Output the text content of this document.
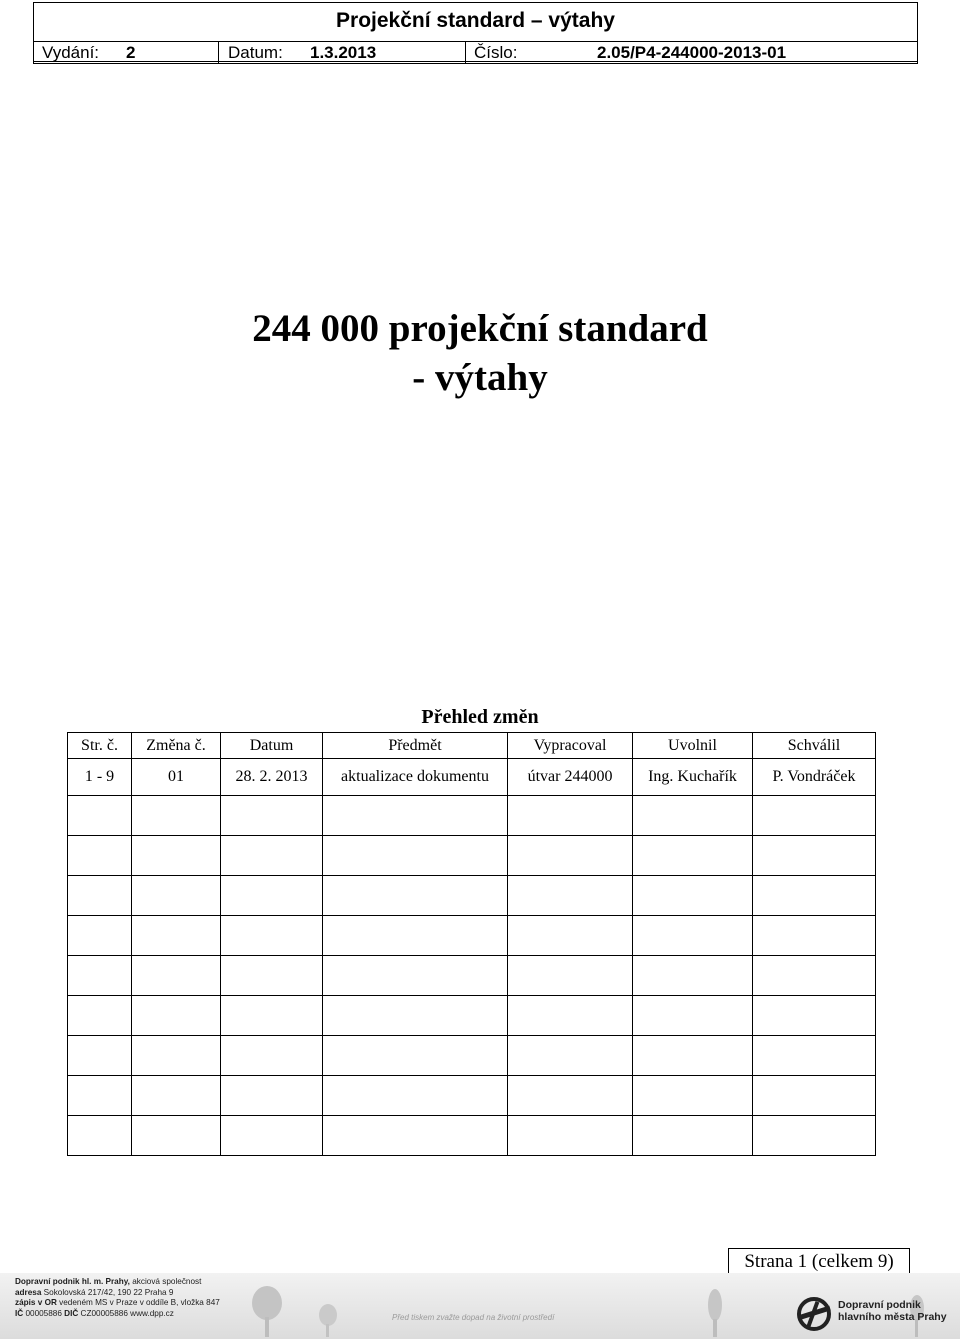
Projekční standard – výtahy
Vydání: 2	Datum: 1.3.2013	Číslo:	2.05/P4-244000-2013-01
244 000 projekční standard
- výtahy
Přehled změn
Str. č.	Změna č.	Datum	Předmět	Vypracoval	Uvolnil	Schválil
1 - 9	01	28. 2. 2013	aktualizace dokumentu	útvar 244000	Ing. Kuchařík	P. Vondráček

Strana 1 (celkem 9)
Dopravní podnik hl. m. Prahy, akciová společnost
adresa Sokolovská 217/42, 190 22 Praha 9
zápis v OR vedeném MS v Praze v oddíle B, vložka 847
IČ 00005886 DIČ CZ00005886 www.dpp.cz	Před tiskem zvažte dopad na životní prostředí
Dopravní podnik
hlavního města Prahy
